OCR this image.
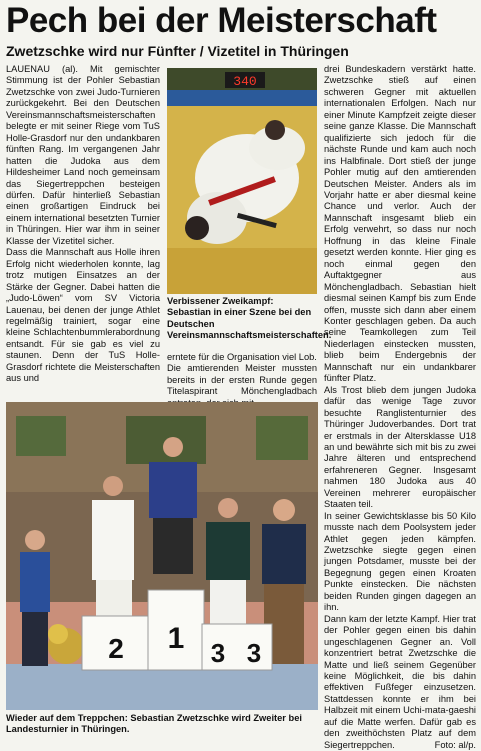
Pech bei der Meisterschaft
Zwetzschke wird nur Fünfter / Vizetitel in Thüringen

LAUENAU (al). Mit gemischter Stimmung ist der Pohler Sebastian Zwetzschke von zwei Judo-Turnieren zurückgekehrt. Bei den Deutschen Vereinsmannschaftsmeisterschaften belegte er mit seiner Riege vom TuS Holle-Grasdorf nur den undankbaren fünften Rang. Im vergangenen Jahr hatten die Judoka aus dem Hildesheimer Land noch gemeinsam das Siegertreppchen besteigen dürfen. Dafür hinterließ Sebastian einen großartigen Eindruck bei einem international besetzten Turnier in Thüringen. Hier war ihm in seiner Klasse der Vizetitel sicher.

Dass die Mannschaft aus Holle ihren Erfolg nicht wiederholen konnte, lag trotz mutigen Einsatzes an der Stärke der Gegner. Dabei hatten die „Judo-Löwen“ vom SV Victoria Lauenau, bei denen der junge Athlet regelmäßig trainiert, sogar eine kleine Schlachtenbummlerabordnung entsandt. Für sie gab es viel zu staunen. Denn der TuS Holle-Grasdorf richtete die Meisterschaften aus und

340
Verbissener Zweikampf: Sebastian in einer Szene bei den Deutschen Vereinsmannschaftsmeisterschaften.

erntete für die Organisation viel Lob.

Die amtierenden Meister mussten bereits in der ersten Runde gegen Titelaspirant Mönchengladbach

drei Bundeskadern verstärkt hatte. Zwetzschke stieß auf einen schweren Gegner mit aktuellen internationalen Erfolgen. Nach nur einer Minute Kampfzeit zeigte dieser seine ganze Klasse. Die Mannschaft qualifizierte sich jedoch für die nächste Runde und kam auch noch ins Halbfinale. Dort stieß der junge Pohler mutig auf den amtierenden Deutschen Meister. Anders als im Vorjahr hatte er aber diesmal keine Chance und verlor. Auch der Mannschaft insgesamt blieb ein Erfolg verwehrt, so dass nur noch Hoffnung in das kleine Finale gesetzt werden konnte. Hier ging es noch einmal gegen den Auftaktgegner aus Mönchengladbach. Sebastian hielt diesmal seinen Kampf bis zum Ende offen, musste sich dann aber einem Konter geschlagen geben. Da auch seine Teamkollegen zum Teil Niederlagen einstecken mussten, blieb beim Endergebnis der Mannschaft nur ein undankbarer fünfter Platz.

Als Trost blieb dem jungen Judoka dafür das wenige Tage zuvor besuchte Ranglistenturnier des Thüringer Judoverbandes. Dort trat er erstmals in der Altersklasse U18 an und bewährte sich mit bis zu zwei Jahre älteren und entsprechend erfahreneren Gegner. Insgesamt nahmen 180 Judoka aus 40 Vereinen mehrerer europäischer Staaten teil.

In seiner Gewichtsklasse bis 50 Kilo musste nach dem Poolsystem jeder Athlet gegen jeden kämpfen. Zwetzschke siegte gegen einen jungen Potsdamer, musste bei der Begegnung gegen einen Kroaten Punkte einstecken. Die nächsten beiden Runden gingen dagegen an ihn.

Dann kam der letzte Kampf. Hier trat der Pohler gegen einen bis dahin ungeschlagenen Gegner an. Voll konzentriert betrat Zwetzschke die Matte und ließ seinem Gegenüber keine Möglichkeit, die bis dahin effektiven Fußfeger einzusetzen. Stattdessen konnte er ihm bei Halbzeit mit einem Uchi-mata-gaeshi auf die Matte werfen. Dafür gab es den zweithöchsten Platz auf dem Siegertreppchen.	Foto: al/p.

2 1 3 3
Wieder auf dem Treppchen: Sebastian Zwetzschke wird Zweiter bei Landesturnier in Thüringen.
